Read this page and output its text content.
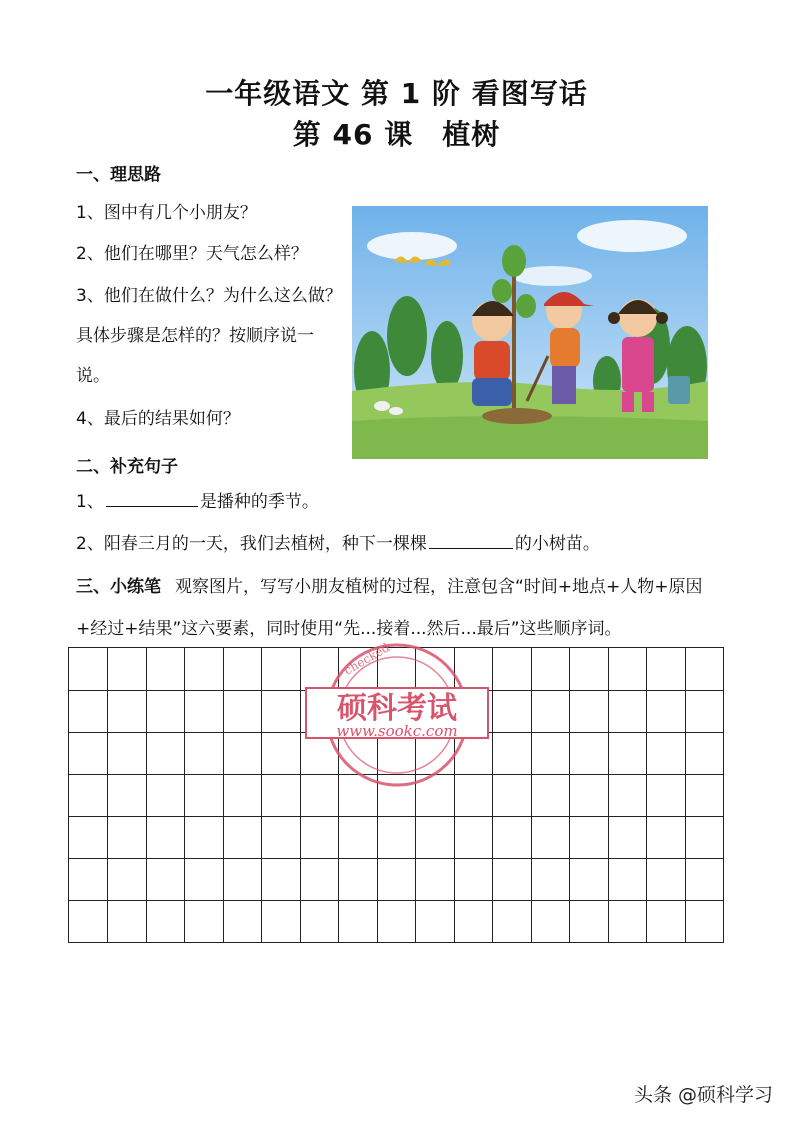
一年级语文 第 1 阶 看图写话
第 46 课　植树
一、理思路
1、图中有几个小朋友？
2、他们在哪里？天气怎么样？
3、他们在做什么？为什么这么做？具体步骤是怎样的？按顺序说一说。
4、最后的结果如何？
二、补充句子
1、	是播种的季节。
2、阳春三月的一天，我们去植树，种下一棵棵	的小树苗。
三、小练笔 观察图片，写写小朋友植树的过程，注意包含“时间+地点+人物+原因+经过+结果”这六要素，同时使用“先...接着...然后...最后”这些顺序词。
checked
硕科考试
www.sookc.com
头条 @硕科学习
